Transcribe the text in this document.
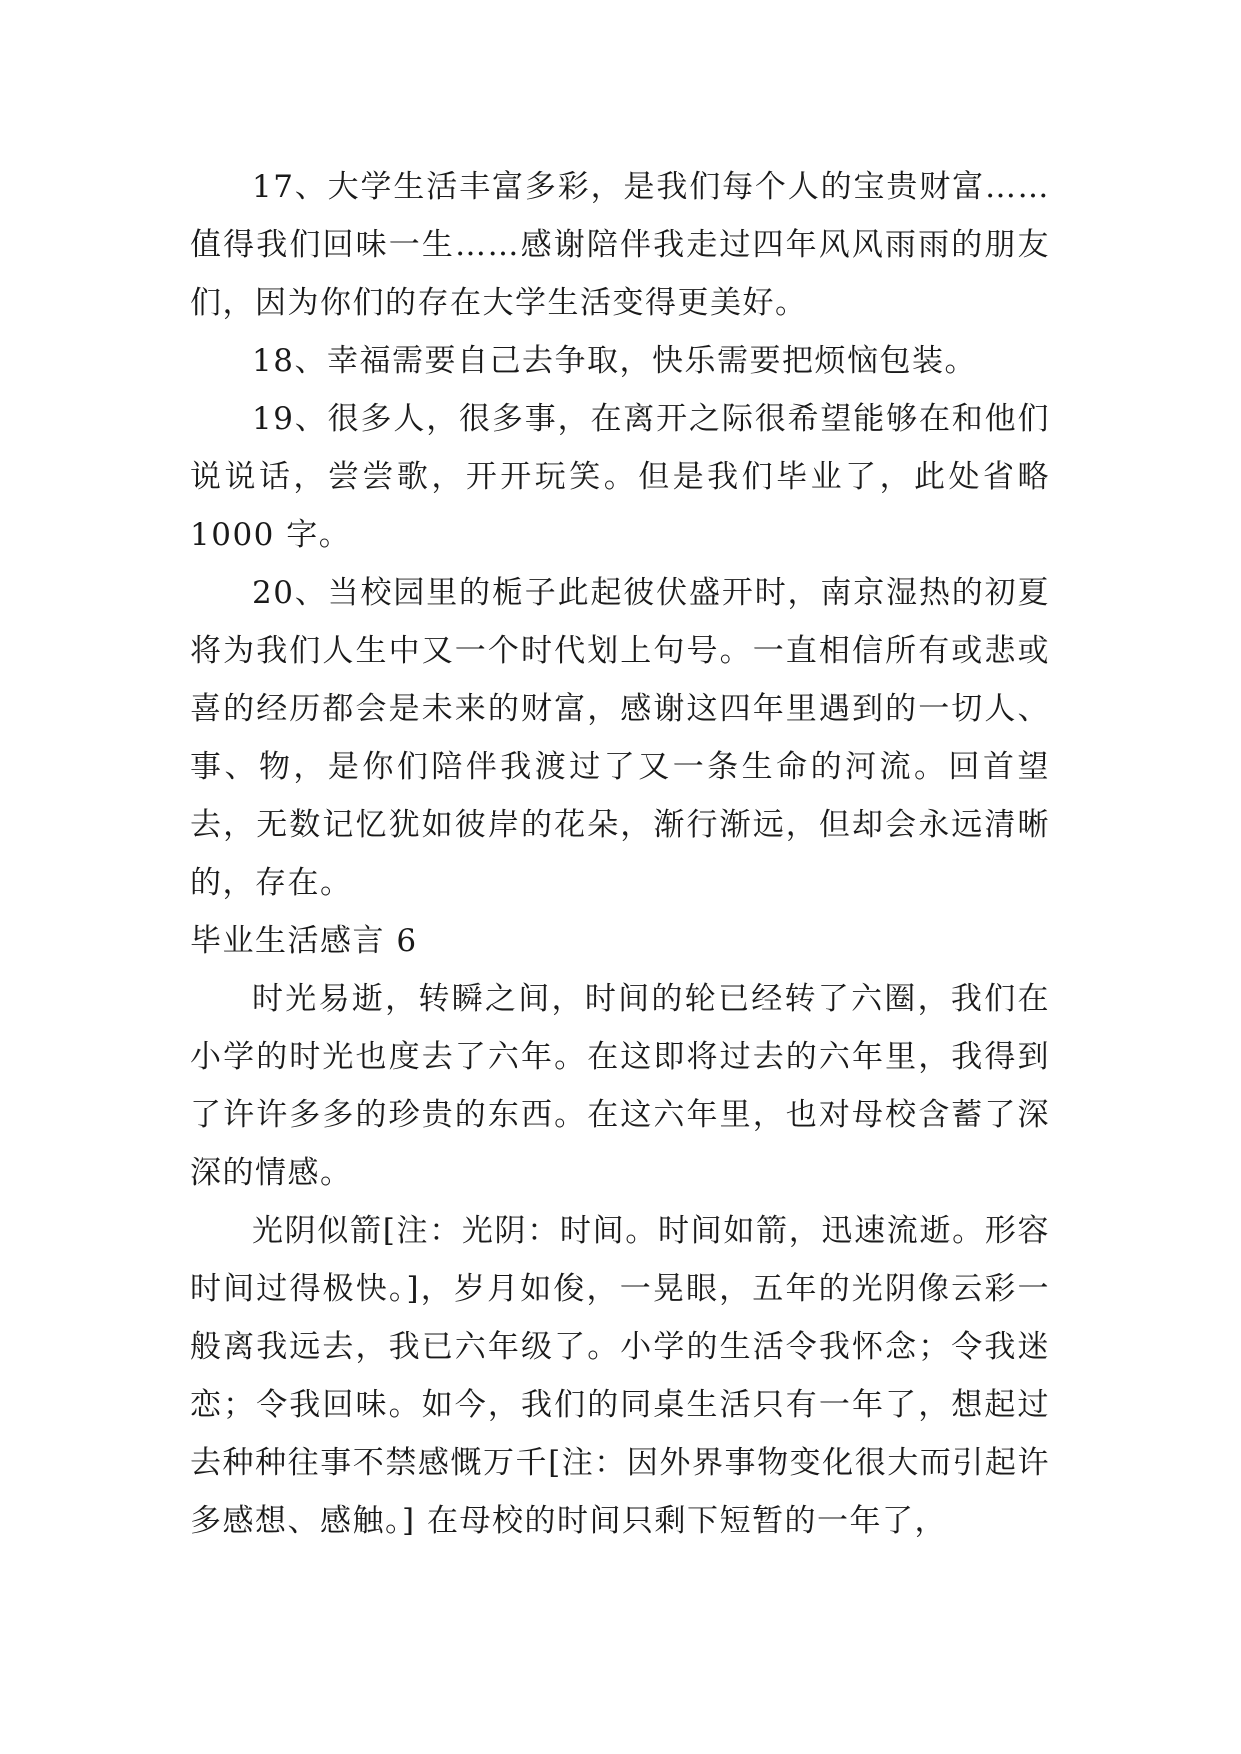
17、大学生活丰富多彩，是我们每个人的宝贵财富……值得我们回味一生……感谢陪伴我走过四年风风雨雨的朋友们，因为你们的存在大学生活变得更美好。

18、幸福需要自己去争取，快乐需要把烦恼包装。

19、很多人，很多事，在离开之际很希望能够在和他们说说话，尝尝歌，开开玩笑。但是我们毕业了，此处省略 1000 字。

20、当校园里的栀子此起彼伏盛开时，南京湿热的初夏将为我们人生中又一个时代划上句号。一直相信所有或悲或喜的经历都会是未来的财富，感谢这四年里遇到的一切人、事、物，是你们陪伴我渡过了又一条生命的河流。回首望去，无数记忆犹如彼岸的花朵，渐行渐远，但却会永远清晰的，存在。

毕业生活感言 6

时光易逝，转瞬之间，时间的轮已经转了六圈，我们在小学的时光也度去了六年。在这即将过去的六年里，我得到了许许多多的珍贵的东西。在这六年里，也对母校含蓄了深深的情感。

光阴似箭[注：光阴：时间。时间如箭，迅速流逝。形容时间过得极快。]，岁月如俊，一晃眼，五年的光阴像云彩一般离我远去，我已六年级了。小学的生活令我怀念；令我迷恋；令我回味。如今，我们的同桌生活只有一年了，想起过去种种往事不禁感慨万千[注：因外界事物变化很大而引起许多感想、感触。] 在母校的时间只剩下短暂的一年了，
